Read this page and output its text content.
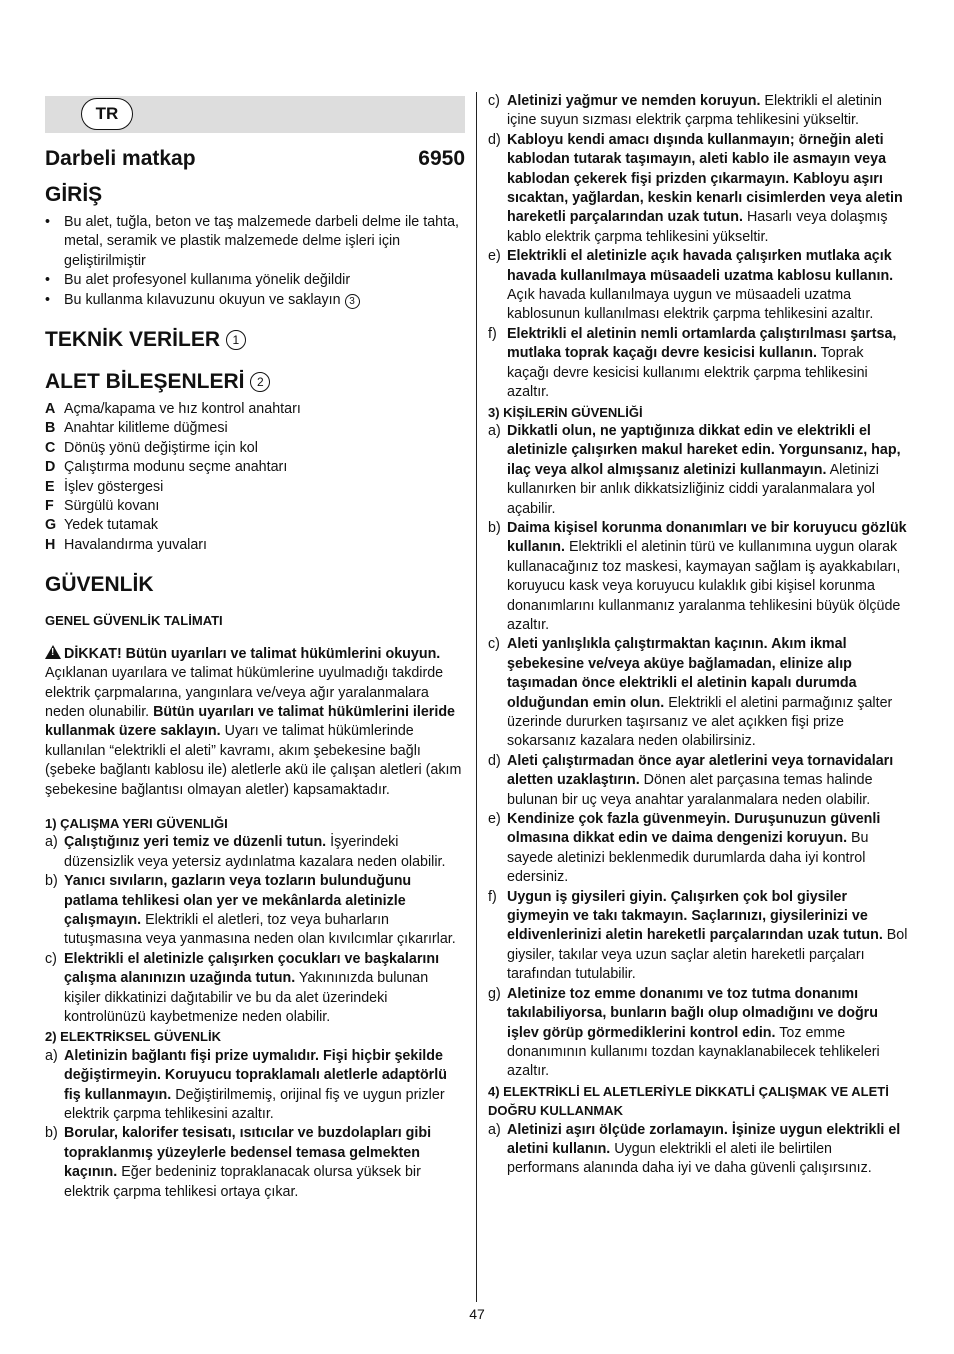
TR
Darbeli matkap	6950
GİRİŞ
• Bu alet, tuğla, beton ve taş malzemede darbeli delme ile tahta, metal, seramik ve plastik malzemede delme işleri için geliştirilmiştir
• Bu alet profesyonel kullanıma yönelik değildir
• Bu kullanma kılavuzunu okuyun ve saklayın 3
TEKNİK VERİLER 1
ALET BİLEŞENLERİ 2
A Açma/kapama ve hız kontrol anahtarı
B Anahtar kilitleme düğmesi
C Dönüş yönü değiştirme için kol
D Çalıştırma modunu seçme anahtarı
E İşlev göstergesi
F Sürgülü kovanı
G Yedek tutamak
H Havalandırma yuvaları
GÜVENLİK
GENEL GÜVENLİK TALİMATI

!DİKKAT! Bütün uyarıları ve talimat hükümlerini okuyun. Açıklanan uyarılara ve talimat hükümlerine uyulmadığı takdirde elektrik çarpmalarına, yangınlara ve/veya ağır yaralanmalara neden olunabilir. Bütün uyarıları ve talimat hükümlerini ileride kullanmak üzere saklayın. Uyarı ve talimat hükümlerinde kullanılan “elektrikli el aleti” kavramı, akım şebekesine bağlı (şebeke bağlantı kablosu ile) aletlerle akü ile çalışan aletleri (akım şebekesine bağlantısı olmayan aletler) kapsamaktadır.

1) ÇALIŞMA YERI GÜVENLIĞI
a) Çalıştığınız yeri temiz ve düzenli tutun. İşyerindeki düzensizlik veya yetersiz aydınlatma kazalara neden olabilir.
b) Yanıcı sıvıların, gazların veya tozların bulunduğunu patlama tehlikesi olan yer ve mekânlarda aletinizle çalışmayın. Elektrikli el aletleri, toz veya buharların tutuşmasına veya yanmasına neden olan kıvılcımlar çıkarırlar.
c) Elektrikli el aletinizle çalışırken çocukları ve başkalarını çalışma alanınızın uzağında tutun. Yakınınızda bulunan kişiler dikkatinizi dağıtabilir ve bu da alet üzerindeki kontrolünüzü kaybetmenize neden olabilir.
2) ELEKTRİKSEL GÜVENLİK
a) Aletinizin bağlantı fişi prize uymalıdır. Fişi hiçbir şekilde değiştirmeyin. Koruyucu topraklamalı aletlerle adaptörlü fiş kullanmayın. Değiştirilmemiş, orijinal fiş ve uygun prizler elektrik çarpma tehlikesini azaltır.
b) Borular, kalorifer tesisatı, ısıtıcılar ve buzdolapları gibi topraklanmış yüzeylerle bedensel temasa gelmekten kaçının. Eğer bedeniniz topraklanacak olursa yüksek bir elektrik çarpma tehlikesi ortaya çıkar.
c) Aletinizi yağmur ve nemden koruyun. Elektrikli el aletinin içine suyun sızması elektrik çarpma tehlikesini yükseltir.
d) Kabloyu kendi amacı dışında kullanmayın; örneğin aleti kablodan tutarak taşımayın, aleti kablo ile asmayın veya kablodan çekerek fişi prizden çıkarmayın. Kabloyu aşırı sıcaktan, yağlardan, keskin kenarlı cisimlerden veya aletin hareketli parçalarından uzak tutun. Hasarlı veya dolaşmış kablo elektrik çarpma tehlikesini yükseltir.
e) Elektrikli el aletinizle açık havada çalışırken mutlaka açık havada kullanılmaya müsaadeli uzatma kablosu kullanın. Açık havada kullanılmaya uygun ve müsaadeli uzatma kablosunun kullanılması elektrik çarpma tehlikesini azaltır.
f) Elektrikli el aletinin nemli ortamlarda çalıştırılması şartsa, mutlaka toprak kaçağı devre kesicisi kullanın. Toprak kaçağı devre kesicisi kullanımı elektrik çarpma tehlikesini azaltır.
3) KİŞİLERİN GÜVENLİĞİ
a) Dikkatli olun, ne yaptığınıza dikkat edin ve elektrikli el aletinizle çalışırken makul hareket edin. Yorgunsanız, hap, ilaç veya alkol almışsanız aletinizi kullanmayın. Aletinizi kullanırken bir anlık dikkatsizliğiniz ciddi yaralanmalara yol açabilir.
b) Daima kişisel korunma donanımları ve bir koruyucu gözlük kullanın. Elektrikli el aletinin türü ve kullanımına uygun olarak kullanacağınız toz maskesi, kaymayan sağlam iş ayakkabıları, koruyucu kask veya koruyucu kulaklık gibi kişisel korunma donanımlarını kullanmanız yaralanma tehlikesini büyük ölçüde azaltır.
c) Aleti yanlışlıkla çalıştırmaktan kaçının. Akım ikmal şebekesine ve/veya aküye bağlamadan, elinize alıp taşımadan önce elektrikli el aletinin kapalı durumda olduğundan emin olun. Elektrikli el aletini parmağınız şalter üzerinde dururken taşırsanız ve alet açıkken fişi prize sokarsanız kazalara neden olabilirsiniz.
d) Aleti çalıştırmadan önce ayar aletlerini veya tornavidaları aletten uzaklaştırın. Dönen alet parçasına temas halinde bulunan bir uç veya anahtar yaralanmalara neden olabilir.
e) Kendinize çok fazla güvenmeyin. Duruşunuzun güvenli olmasına dikkat edin ve daima dengenizi koruyun. Bu sayede aletinizi beklenmedik durumlarda daha iyi kontrol edersiniz.
f) Uygun iş giysileri giyin. Çalışırken çok bol giysiler giymeyin ve takı takmayın. Saçlarınızı, giysilerinizi ve eldivenlerinizi aletin hareketli parçalarından uzak tutun. Bol giysiler, takılar veya uzun saçlar aletin hareketli parçaları tarafından tutulabilir.
g) Aletinize toz emme donanımı ve toz tutma donanımı takılabiliyorsa, bunların bağlı olup olmadığını ve doğru işlev görüp görmediklerini kontrol edin. Toz emme donanımının kullanımı tozdan kaynaklanabilecek tehlikeleri azaltır.
4) ELEKTRİKLİ EL ALETLERİYLE DİKKATLİ ÇALIŞMAK VE ALETİ DOĞRU KULLANMAK
a) Aletinizi aşırı ölçüde zorlamayın. İşinize uygun elektrikli el aletini kullanın. Uygun elektrikli el aleti ile belirtilen performans alanında daha iyi ve daha güvenli çalışırsınız.
47
